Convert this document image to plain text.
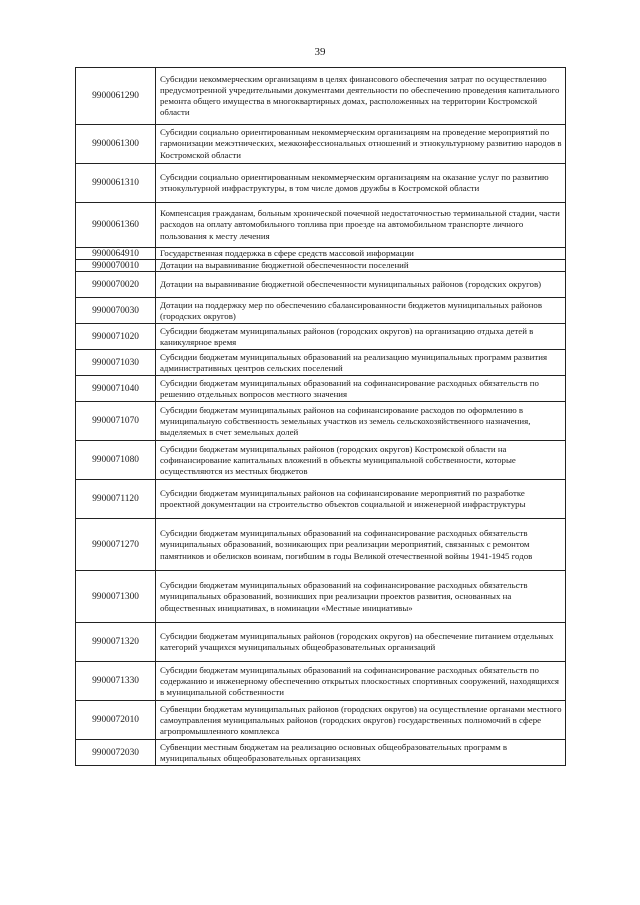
39
9900061290	Субсидии некоммерческим организациям в целях финансового обеспечения затрат по осуществлению предусмотренной учредительными документами деятельности по обеспечению проведения капитального ремонта общего имущества в многоквартирных домах, расположенных на территории Костромской области
9900061300	Субсидии социально ориентированным некоммерческим организациям на проведение мероприятий по гармонизации межэтнических, межконфессиональных отношений и этнокультурному развитию народов в Костромской области
9900061310	Субсидии социально ориентированным некоммерческим организациям на оказание услуг по развитию этнокультурной инфраструктуры, в том числе домов дружбы в Костромской области
9900061360	Компенсация гражданам, больным хронической почечной недостаточностью терминальной стадии, части расходов на оплату автомобильного топлива при проезде на автомобильном транспорте личного пользования к месту лечения
9900064910	Государственная поддержка в сфере средств массовой информации
9900070010	Дотации на выравнивание бюджетной обеспеченности поселений
9900070020	Дотации на выравнивание бюджетной обеспеченности муниципальных районов (городских округов)
9900070030	Дотации на поддержку мер по обеспечению сбалансированности бюджетов муниципальных районов (городских округов)
9900071020	Субсидии бюджетам муниципальных районов (городских округов) на организацию отдыха детей в каникулярное время
9900071030	Субсидии бюджетам муниципальных образований на реализацию муниципальных программ развития административных центров сельских поселений
9900071040	Субсидии бюджетам муниципальных образований на софинансирование расходных обязательств по решению отдельных вопросов местного значения
9900071070	Субсидии бюджетам муниципальных районов на софинансирование расходов по оформлению в муниципальную собственность земельных участков из земель сельскохозяйственного назначения, выделяемых в счет земельных долей
9900071080	Субсидии бюджетам муниципальных районов (городских округов) Костромской области на софинансирование капитальных вложений в объекты муниципальной собственности, которые осуществляются из местных бюджетов
9900071120	Субсидии бюджетам муниципальных районов на софинансирование мероприятий по разработке проектной документации на строительство объектов социальной и инженерной инфраструктуры
9900071270	Субсидии бюджетам муниципальных образований на софинансирование расходных обязательств муниципальных образований, возникающих при реализации мероприятий, связанных с ремонтом памятников и обелисков воинам, погибшим в годы Великой отечественной войны 1941-1945 годов
9900071300	Субсидии бюджетам муниципальных образований на софинансирование расходных обязательств муниципальных образований, возникших при реализации проектов развития, основанных на общественных инициативах, в номинации «Местные инициативы»
9900071320	Субсидии бюджетам муниципальных районов (городских округов) на обеспечение питанием отдельных категорий учащихся муниципальных общеобразовательных организаций
9900071330	Субсидии бюджетам муниципальных образований на софинансирование расходных обязательств по содержанию и инженерному обеспечению открытых плоскостных спортивных сооружений, находящихся в муниципальной собственности
9900072010	Субвенции бюджетам муниципальных районов (городских округов) на осуществление органами местного самоуправления муниципальных районов (городских округов) государственных полномочий в сфере агропромышленного комплекса
9900072030	Субвенции местным бюджетам на реализацию основных общеобразовательных программ в муниципальных общеобразовательных организациях
